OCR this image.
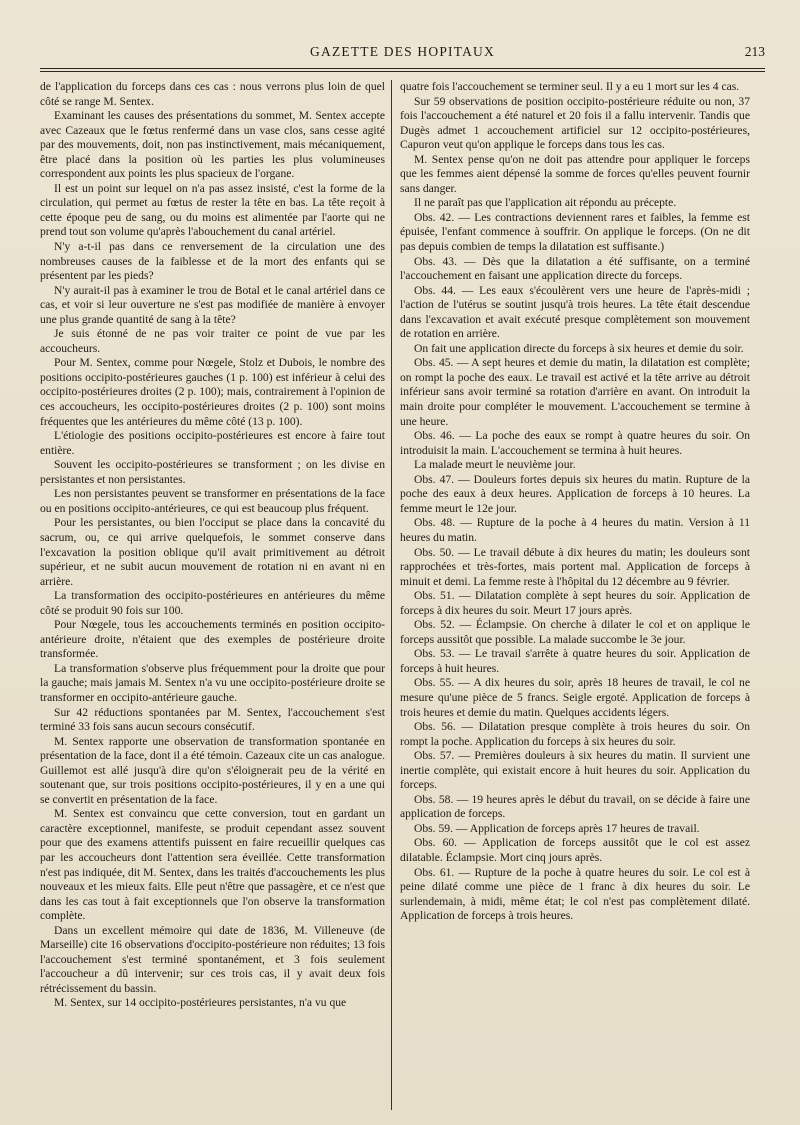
GAZETTE DES HOPITAUX	213

de l'application du forceps dans ces cas : nous verrons plus loin de quel côté se range M. Sentex.

Examinant les causes des présentations du sommet, M. Sentex accepte avec Cazeaux que le fœtus renfermé dans un vase clos, sans cesse agité par des mouvements, doit, non pas instinctivement, mais mécaniquement, être placé dans la position où les parties les plus volumineuses correspondent aux points les plus spacieux de l'organe.

Il est un point sur lequel on n'a pas assez insisté, c'est la forme de la circulation, qui permet au fœtus de rester la tête en bas. La tête reçoit à cette époque peu de sang, ou du moins est alimentée par l'aorte qui ne prend tout son volume qu'après l'abouchement du canal artériel.

N'y a-t-il pas dans ce renversement de la circulation une des nombreuses causes de la faiblesse et de la mort des enfants qui se présentent par les pieds?

N'y aurait-il pas à examiner le trou de Botal et le canal artériel dans ce cas, et voir si leur ouverture ne s'est pas modifiée de manière à envoyer une plus grande quantité de sang à la tête?

Je suis étonné de ne pas voir traiter ce point de vue par les accoucheurs.

Pour M. Sentex, comme pour Nœgele, Stolz et Dubois, le nombre des positions occipito-postérieures gauches (1 p. 100) est inférieur à celui des occipito-postérieures droites (2 p. 100); mais, contrairement à l'opinion de ces accoucheurs, les occipito-postérieures droites (2 p. 100) sont moins fréquentes que les antérieures du même côté (13 p. 100).

L'étiologie des positions occipito-postérieures est encore à faire tout entière.

Souvent les occipito-postérieures se transforment ; on les divise en persistantes et non persistantes.

Les non persistantes peuvent se transformer en présentations de la face ou en positions occipito-antérieures, ce qui est beaucoup plus fréquent.

Pour les persistantes, ou bien l'occiput se place dans la concavité du sacrum, ou, ce qui arrive quelquefois, le sommet conserve dans l'excavation la position oblique qu'il avait primitivement au détroit supérieur, et ne subit aucun mouvement de rotation ni en avant ni en arrière.

La transformation des occipito-postérieures en antérieures du même côté se produit 90 fois sur 100.

Pour Nœgele, tous les accouchements terminés en position occipito-antérieure droite, n'étaient que des exemples de postérieure droite transformée.

La transformation s'observe plus fréquemment pour la droite que pour la gauche; mais jamais M. Sentex n'a vu une occipito-postérieure droite se transformer en occipito-antérieure gauche.

Sur 42 réductions spontanées par M. Sentex, l'accouchement s'est terminé 33 fois sans aucun secours consécutif.

M. Sentex rapporte une observation de transformation spontanée en présentation de la face, dont il a été témoin. Cazeaux cite un cas analogue. Guillemot est allé jusqu'à dire qu'on s'éloignerait peu de la vérité en soutenant que, sur trois positions occipito-postérieures, il y en a une qui se convertit en présentation de la face.

M. Sentex est convaincu que cette conversion, tout en gardant un caractère exceptionnel, manifeste, se produit cependant assez souvent pour que des examens attentifs puissent en faire recueillir quelques cas par les accoucheurs dont l'attention sera éveillée. Cette transformation n'est pas indiquée, dit M. Sentex, dans les traités d'accouchements les plus nouveaux et les mieux faits. Elle peut n'être que passagère, et ce n'est que dans les cas tout à fait exceptionnels que l'on observe la transformation complète.

Dans un excellent mémoire qui date de 1836, M. Villeneuve (de Marseille) cite 16 observations d'occipito-postérieure non réduites; 13 fois l'accouchement s'est terminé spontanément, et 3 fois seulement l'accoucheur a dû intervenir; sur ces trois cas, il y avait deux fois rétrécissement du bassin.

M. Sentex, sur 14 occipito-postérieures persistantes, n'a vu que

quatre fois l'accouchement se terminer seul. Il y a eu 1 mort sur les 4 cas.

Sur 59 observations de position occipito-postérieure réduite ou non, 37 fois l'accouchement a été naturel et 20 fois il a fallu intervenir. Tandis que Dugès admet 1 accouchement artificiel sur 12 occipito-postérieures, Capuron veut qu'on applique le forceps dans tous les cas.

M. Sentex pense qu'on ne doit pas attendre pour appliquer le forceps que les femmes aient dépensé la somme de forces qu'elles peuvent fournir sans danger.

Il ne paraît pas que l'application ait répondu au précepte.

Obs. 42. — Les contractions deviennent rares et faibles, la femme est épuisée, l'enfant commence à souffrir. On applique le forceps. (On ne dit pas depuis combien de temps la dilatation est suffisante.)

Obs. 43. — Dès que la dilatation a été suffisante, on a terminé l'accouchement en faisant une application directe du forceps.

Obs. 44. — Les eaux s'écoulèrent vers une heure de l'après-midi ; l'action de l'utérus se soutint jusqu'à trois heures. La tête était descendue dans l'excavation et avait exécuté presque complètement son mouvement de rotation en arrière.

On fait une application directe du forceps à six heures et demie du soir.

Obs. 45. — A sept heures et demie du matin, la dilatation est complète; on rompt la poche des eaux. Le travail est activé et la tête arrive au détroit inférieur sans avoir terminé sa rotation d'arrière en avant. On introduit la main droite pour compléter le mouvement. L'accouchement se termine à une heure.

Obs. 46. — La poche des eaux se rompt à quatre heures du soir. On introduisit la main. L'accouchement se termina à huit heures.

La malade meurt le neuvième jour.

Obs. 47. — Douleurs fortes depuis six heures du matin. Rupture de la poche des eaux à deux heures. Application de forceps à 10 heures. La femme meurt le 12e jour.

Obs. 48. — Rupture de la poche à 4 heures du matin. Version à 11 heures du matin.

Obs. 50. — Le travail débute à dix heures du matin; les douleurs sont rapprochées et très-fortes, mais portent mal. Application de forceps à minuit et demi. La femme reste à l'hôpital du 12 décembre au 9 février.

Obs. 51. — Dilatation complète à sept heures du soir. Application de forceps à dix heures du soir. Meurt 17 jours après.

Obs. 52. — Éclampsie. On cherche à dilater le col et on applique le forceps aussitôt que possible. La malade succombe le 3e jour.

Obs. 53. — Le travail s'arrête à quatre heures du soir. Application de forceps à huit heures.

Obs. 55. — A dix heures du soir, après 18 heures de travail, le col ne mesure qu'une pièce de 5 francs. Seigle ergoté. Application de forceps à trois heures et demie du matin. Quelques accidents légers.

Obs. 56. — Dilatation presque complète à trois heures du soir. On rompt la poche. Application du forceps à six heures du soir.

Obs. 57. — Premières douleurs à six heures du matin. Il survient une inertie complète, qui existait encore à huit heures du soir. Application du forceps.

Obs. 58. — 19 heures après le début du travail, on se décide à faire une application de forceps.

Obs. 59. — Application de forceps après 17 heures de travail.

Obs. 60. — Application de forceps aussitôt que le col est assez dilatable. Éclampsie. Mort cinq jours après.

Obs. 61. — Rupture de la poche à quatre heures du soir. Le col est à peine dilaté comme une pièce de 1 franc à dix heures du soir. Le surlendemain, à midi, même état; le col n'est pas complètement dilaté. Application de forceps à trois heures.
